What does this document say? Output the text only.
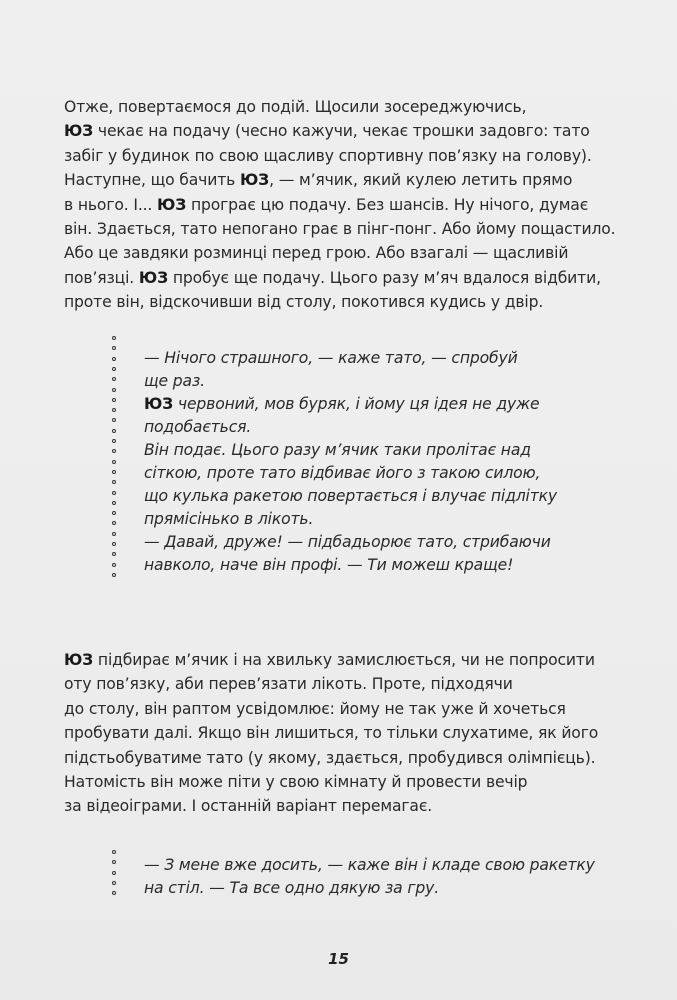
Отже, повертаємося до подій. Щосили зосереджуючись,
ЮЗ чекає на подачу (чесно кажучи, чекає трошки задовго: тато
забіг у будинок по свою щасливу спортивну пов’язку на голову).
Наступне, що бачить ЮЗ, — м’ячик, який кулею летить прямо
в нього. І... ЮЗ програє цю подачу. Без шансів. Ну нічого, думає
він. Здається, тато непогано грає в пінг-понг. Або йому пощастило.
Або це завдяки розминці перед грою. Або взагалі — щасливій
пов’язці. ЮЗ пробує ще подачу. Цього разу м’яч вдалося відбити,
проте він, відскочивши від столу, покотився кудись у двір.

— Нічого страшного, — каже тато, — спробуй
ще раз.
ЮЗ червоний, мов буряк, і йому ця ідея не дуже
подобається.
Він подає. Цього разу м’ячик таки пролітає над
сіткою, проте тато відбиває його з такою силою,
що кулька ракетою повертається і влучає підлітку
прямісінько в лікоть.
— Давай, друже! — підбадьорює тато, стрибаючи
навколо, наче він профі. — Ти можеш краще!

ЮЗ підбирає м’ячик і на хвильку замислюється, чи не попросити
оту пов’язку, аби перев’язати лікоть. Проте, підходячи
до столу, він раптом усвідомлює: йому не так уже й хочеться
пробувати далі. Якщо він лишиться, то тільки слухатиме, як його
підстьобуватиме тато (у якому, здається, пробудився олімпієць).
Натомість він може піти у свою кімнату й провести вечір
за відеоіграми. І останній варіант перемагає.

— З мене вже досить, — каже він і кладе свою ракетку
на стіл. — Та все одно дякую за гру.

15
